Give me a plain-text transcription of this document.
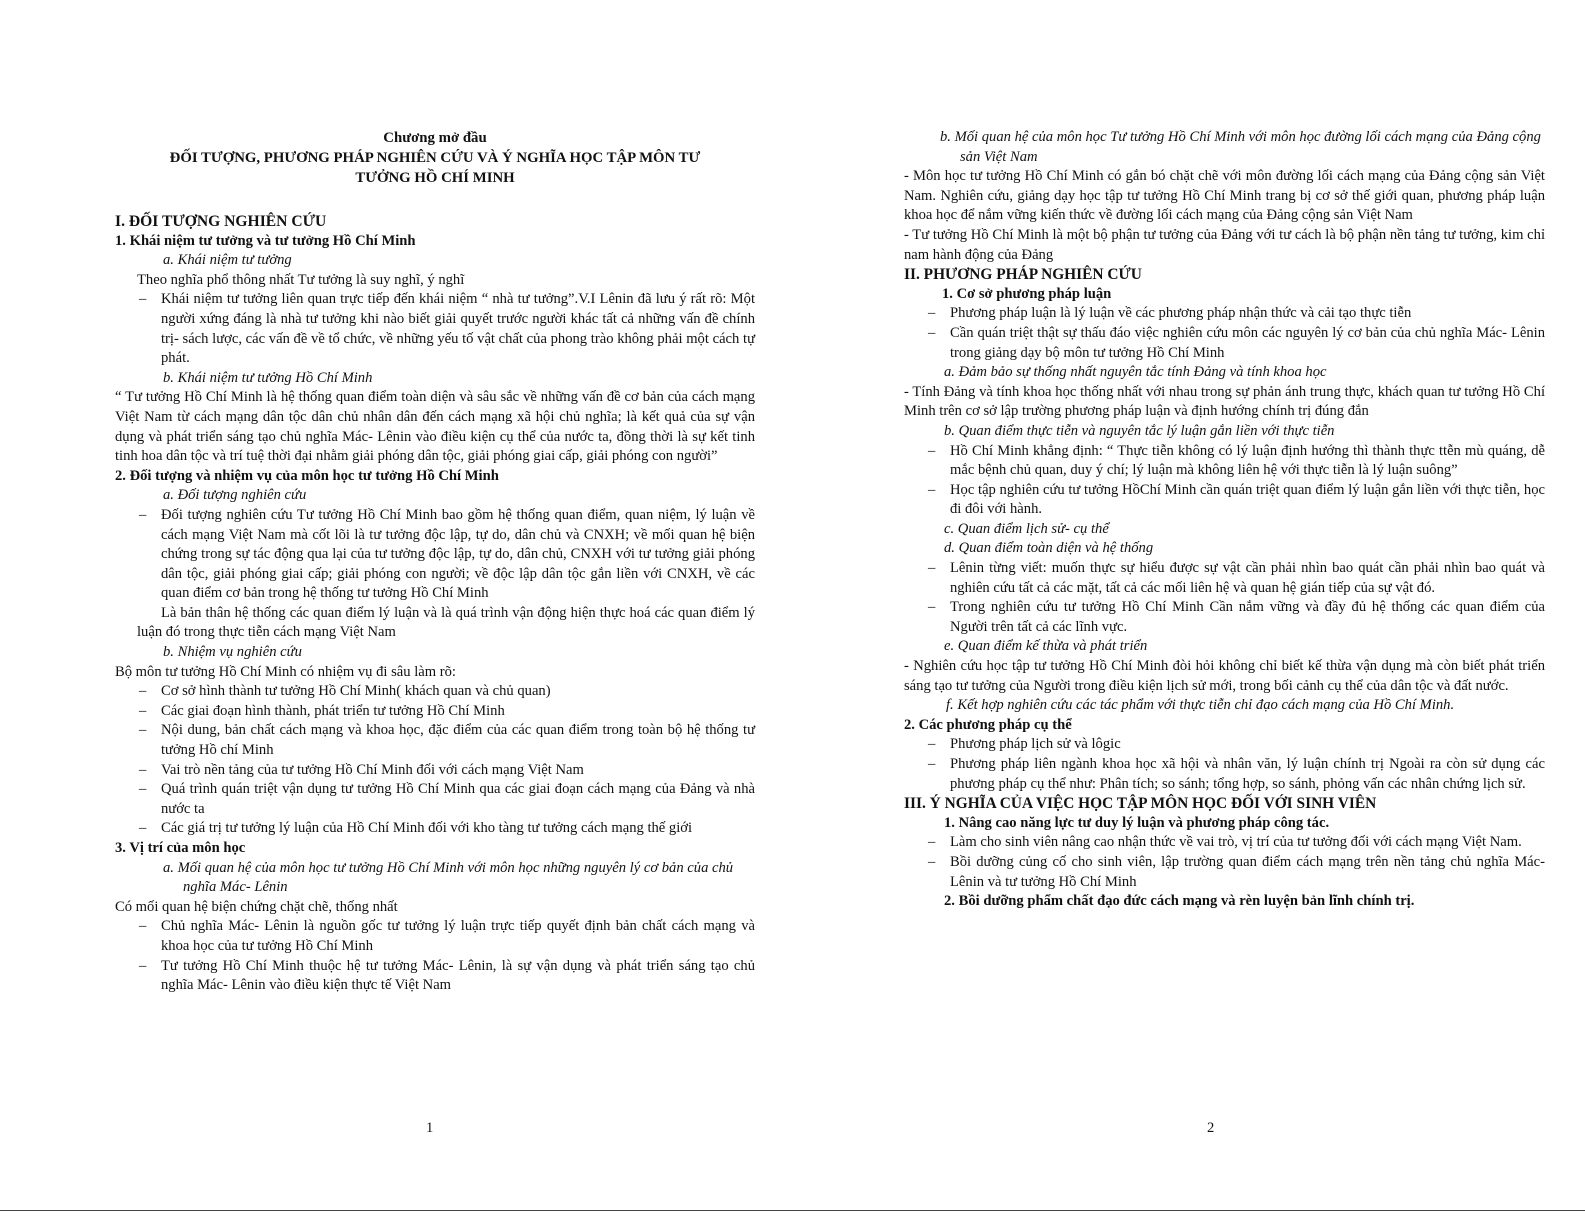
Chương mở đầu
ĐỐI TƯỢNG, PHƯƠNG PHÁP NGHIÊN CỨU VÀ Ý NGHĨA HỌC TẬP MÔN TƯ
TƯỞNG HỒ CHÍ MINH
I. ĐỐI TƯỢNG NGHIÊN CỨU
1. Khái niệm tư tưởng và tư tưởng Hồ Chí Minh
a. Khái niệm tư tưởng
Theo nghĩa phổ thông nhất Tư tưởng là suy nghĩ, ý nghĩ
– Khái niệm tư tưởng liên quan trực tiếp đến khái niệm “ nhà tư tưởng”.V.I Lênin đã lưu ý rất rõ: Một người xứng đáng là nhà tư tưởng khi nào biết giải quyết trước người khác tất cả những vấn đề chính trị- sách lược, các vấn đề về tổ chức, về những yếu tố vật chất của phong trào không phải một cách tự phát.
b. Khái niệm tư tưởng Hồ Chí Minh
“ Tư tưởng Hồ Chí Minh là hệ thống quan điểm toàn diện và sâu sắc về những vấn đề cơ bản của cách mạng Việt Nam từ cách mạng dân tộc dân chủ nhân dân đến cách mạng xã hội chủ nghĩa; là kết quả của sự vận dụng và phát triển sáng tạo chủ nghĩa Mác- Lênin vào điều kiện cụ thể của nước ta, đồng thời là sự kết tinh tinh hoa dân tộc và trí tuệ thời đại nhằm giải phóng dân tộc, giải phóng giai cấp, giải phóng con người”
2. Đối tượng và nhiệm vụ của môn học tư tưởng Hồ Chí Minh
a. Đối tượng nghiên cứu
– Đối tượng nghiên cứu Tư tưởng Hồ Chí Minh bao gồm hệ thống quan điểm, quan niệm, lý luận về cách mạng Việt Nam mà cốt lõi là tư tưởng độc lập, tự do, dân chủ và CNXH; về mối quan hệ biện chứng trong sự tác động qua lại của tư tưởng độc lập, tự do, dân chủ, CNXH với tư tưởng giải phóng dân tộc, giải phóng giai cấp; giải phóng con người; về độc lập dân tộc gắn liền với CNXH, về các quan điểm cơ bản trong hệ thống tư tưởng Hồ Chí Minh
Là bản thân hệ thống các quan điểm lý luận và là quá trình vận động hiện thực hoá các quan điểm lý luận đó trong thực tiễn cách mạng Việt Nam
b. Nhiệm vụ nghiên cứu
Bộ môn tư tưởng Hồ Chí Minh có nhiệm vụ đi sâu làm rõ:
– Cơ sở hình thành tư tưởng Hồ Chí Minh( khách quan và chủ quan)
– Các giai đoạn hình thành, phát triển tư tưởng Hồ Chí Minh
– Nội dung, bản chất cách mạng và khoa học, đặc điểm của các quan điểm trong toàn bộ hệ thống tư tưởng Hồ chí Minh
– Vai trò nền tảng của tư tưởng Hồ Chí Minh đối với cách mạng Việt Nam
– Quá trình quán triệt vận dụng tư tưởng Hồ Chí Minh qua các giai đoạn cách mạng của Đảng và nhà nước ta
– Các giá trị tư tưởng lý luận của Hồ Chí Minh đối với kho tàng tư tưởng cách mạng thế giới
3. Vị trí của môn học
a. Mối quan hệ của môn học tư tưởng Hồ Chí Minh với môn học những nguyên lý cơ bản của chủ nghĩa Mác- Lênin
Có mối quan hệ biện chứng chặt chẽ, thống nhất
– Chủ nghĩa Mác- Lênin là nguồn gốc tư tưởng lý luận trực tiếp quyết định bản chất cách mạng và khoa học của tư tưởng Hồ Chí Minh
– Tư tưởng Hồ Chí Minh thuộc hệ tư tưởng Mác- Lênin, là sự vận dụng và phát triển sáng tạo chủ nghĩa Mác- Lênin vào điều kiện thực tế Việt Nam
1
b. Mối quan hệ của môn học Tư tưởng Hồ Chí Minh với môn học đường lối cách mạng của Đảng cộng sản Việt Nam
- Môn học tư tưởng Hồ Chí Minh có gắn bó chặt chẽ với môn đường lối cách mạng của Đảng cộng sản Việt Nam. Nghiên cứu, giảng dạy học tập tư tưởng Hồ Chí Minh trang bị cơ sở thế giới quan, phương pháp luận khoa học để nắm vững kiến thức về đường lối cách mạng của Đảng cộng sản Việt Nam
- Tư tưởng Hồ Chí Minh là một bộ phận tư tưởng của Đảng với tư cách là bộ phận nền tảng tư tưởng, kim chỉ nam hành động của Đảng
II. PHƯƠNG PHÁP NGHIÊN CỨU
1. Cơ sở phương pháp luận
– Phương pháp luận là lý luận về các phương pháp nhận thức và cải tạo thực tiễn
– Cần quán triệt thật sự thấu đáo việc nghiên cứu môn các nguyên lý cơ bản của chủ nghĩa Mác- Lênin trong giảng dạy bộ môn tư tưởng Hồ Chí Minh
a. Đảm bảo sự thống nhất nguyên tắc tính Đảng và tính khoa học
- Tính Đảng và tính khoa học thống nhất với nhau trong sự phản ánh trung thực, khách quan tư tưởng Hồ Chí Minh trên cơ sở lập trường phương pháp luận và định hướng chính trị đúng đắn
b. Quan điểm thực tiễn và nguyên tắc lý luận gắn liền với thực tiễn
– Hồ Chí Minh khẳng định: “ Thực tiễn không có lý luận định hướng thì thành thực ttễn mù quáng, dễ mắc bệnh chủ quan, duy ý chí; lý luận mà không liên hệ với thực tiễn là lý luận suông”
– Học tập nghiên cứu tư tưởng HồChí Minh cần quán triệt quan điểm lý luận gắn liền với thực tiễn, học đi đôi với hành.
c. Quan điểm lịch sử- cụ thể
d. Quan điểm toàn diện và hệ thống
– Lênin từng viết: muốn thực sự hiểu được sự vật cần phải nhìn bao quát cần phải nhìn bao quát và nghiên cứu tất cả các mặt, tất cả các mối liên hệ và quan hệ gián tiếp của sự vật đó.
– Trong nghiên cứu tư tưởng Hồ Chí Minh Cần nắm vững và đầy đủ hệ thống các quan điểm của Người trên tất cả các lĩnh vực.
e. Quan điểm kế thừa và phát triển
- Nghiên cứu học tập tư tưởng Hồ Chí Minh đòi hỏi không chỉ biết kế thừa vận dụng mà còn biết phát triển sáng tạo tư tưởng của Người trong điều kiện lịch sử mới, trong bối cảnh cụ thể của dân tộc và đất nước.
f. Kết hợp nghiên cứu các tác phẩm với thực tiễn chỉ đạo cách mạng của Hồ Chí Minh.
2. Các phương pháp cụ thể
– Phương pháp lịch sử và lôgic
– Phương pháp liên ngành khoa học xã hội và nhân văn, lý luận chính trị Ngoài ra còn sử dụng các phương pháp cụ thể như: Phân tích; so sánh; tổng hợp, so sánh, phỏng vấn các nhân chứng lịch sử.
III. Ý NGHĨA CỦA VIỆC HỌC TẬP MÔN HỌC ĐỐI VỚI SINH VIÊN
1. Nâng cao năng lực tư duy lý luận và phương pháp công tác.
– Làm cho sinh viên nâng cao nhận thức về vai trò, vị trí của tư tưởng đối với cách mạng Việt Nam.
– Bồi dưỡng củng cố cho sinh viên, lập trường quan điểm cách mạng trên nền tảng chủ nghĩa Mác- Lênin và tư tưởng Hồ Chí Minh
2. Bồi dưỡng phẩm chất đạo đức cách mạng và rèn luyện bản lĩnh chính trị.
2
